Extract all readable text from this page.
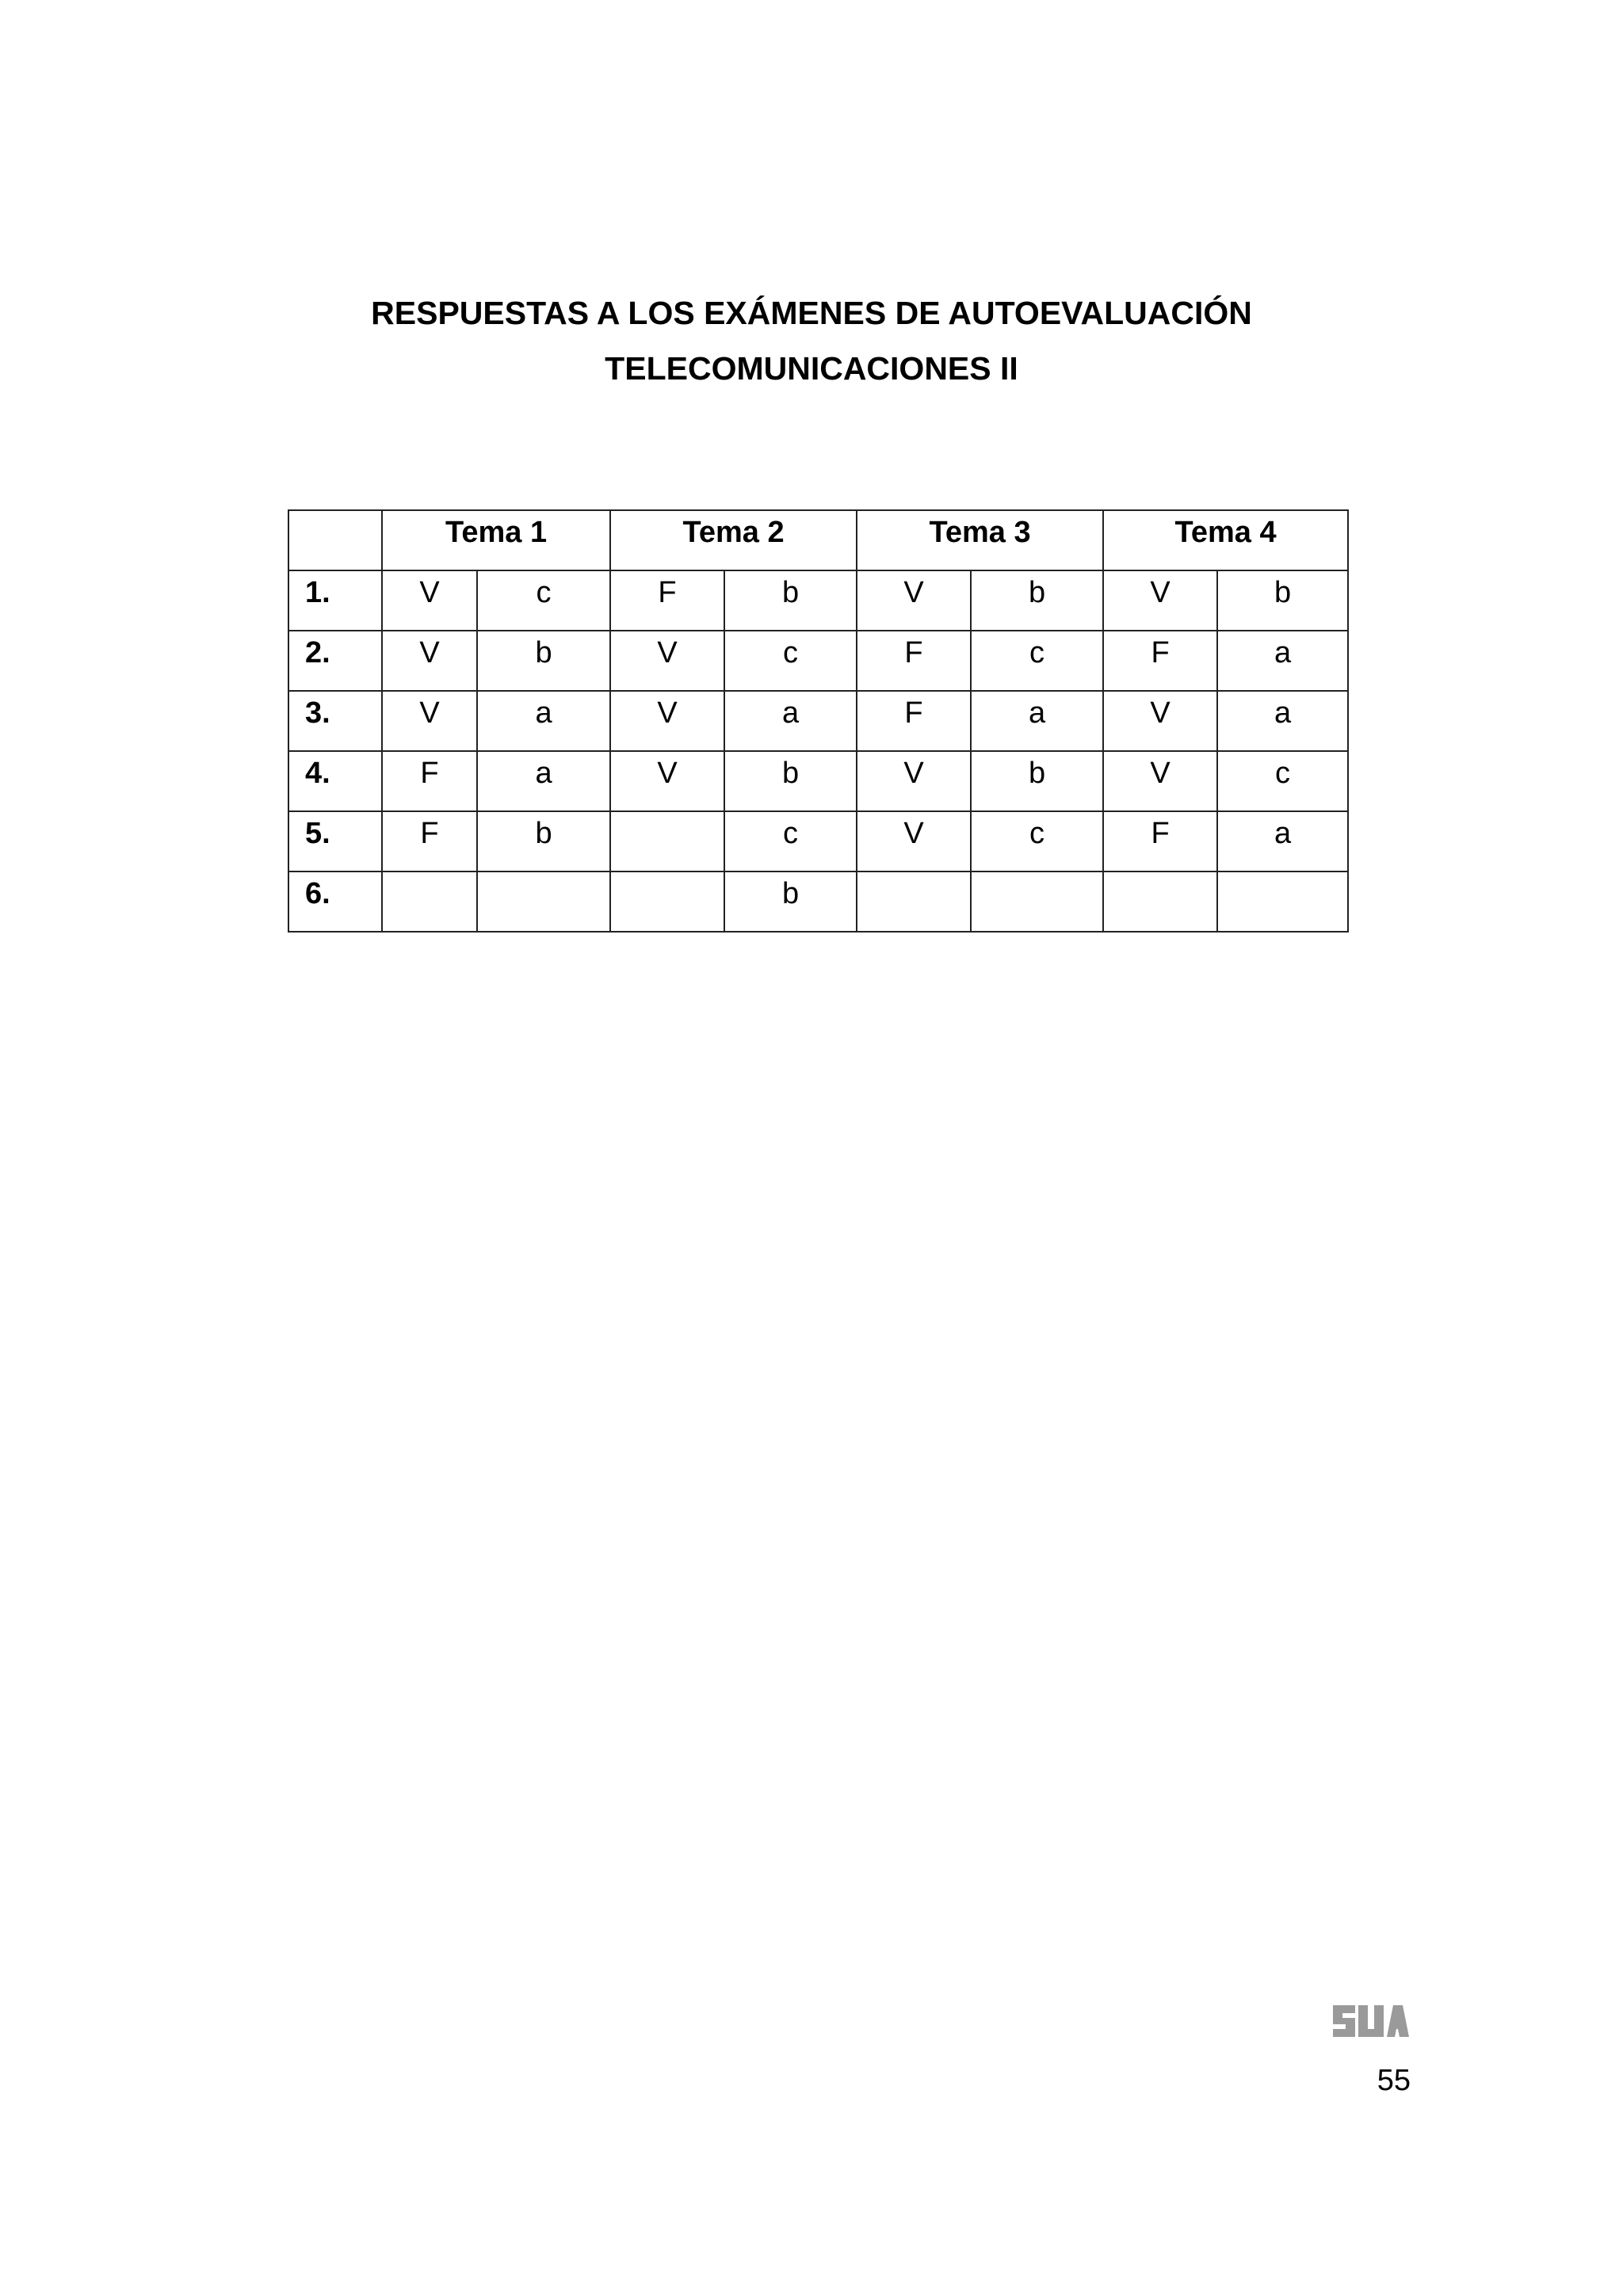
RESPUESTAS A LOS EXÁMENES DE AUTOEVALUACIÓN
TELECOMUNICACIONES II
	Tema 1		Tema 2		Tema 3		Tema 4	
1.	V	c	F	b	V	b	V	b
2.	V	b	V	c	F	c	F	a
3.	V	a	V	a	F	a	V	a
4.	F	a	V	b	V	b	V	c
5.	F	b		c	V	c	F	a
6.				b				
55
